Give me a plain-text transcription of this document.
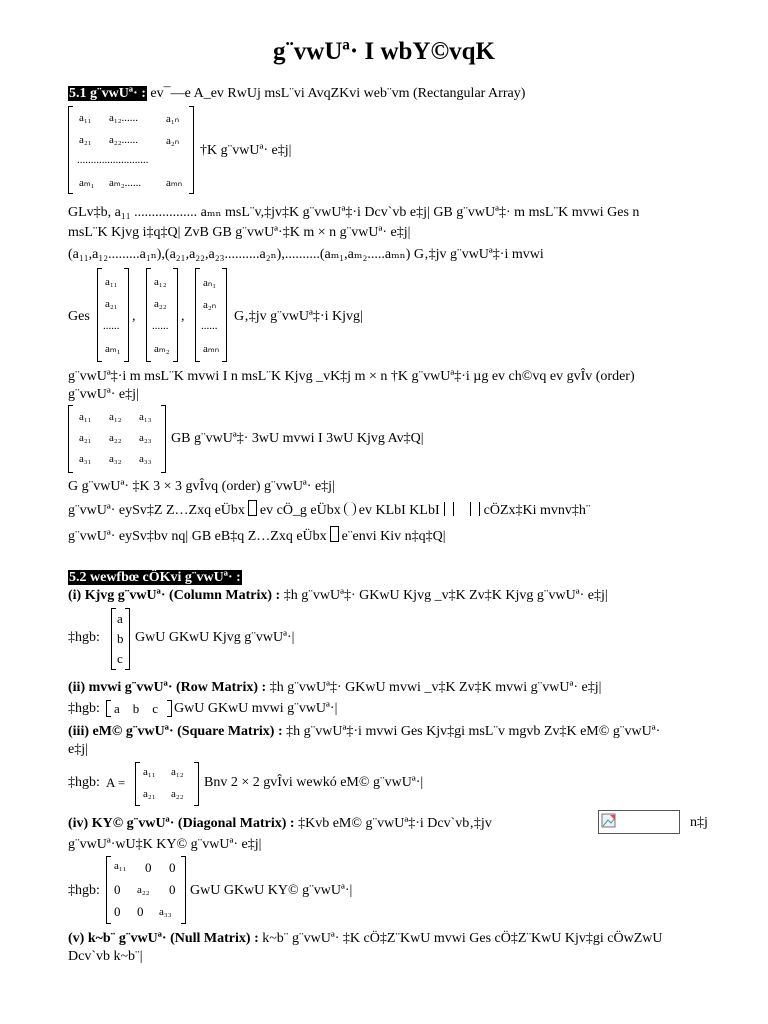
g¨vwUª· I wbY©vqK
5.1 g¨vwUª· : ev¯—e A_ev RwUj msL¨vi AvqZKvi web¨vm (Rectangular Array)
a₁₁ a₁₂......	a₁ₙ
a₂₁ a₂₂......	a₂ₙ
..........................
aₘ₁ aₘ₂...... aₘₙ
†K g¨vwUª· e‡j|
GLv‡b, a₁₁ .................. aₘₙ msL¨v,‡jv‡K g¨vwUª‡·i Dcv`vb e‡j| GB g¨vwUª‡· m msL¨K mvwi Ges n
msL¨K Kjvg i‡q‡Q| ZvB GB g¨vwUª·‡K m × n g¨vwUª· e‡j|
(a₁₁,a₁₂.........a₁ₙ),(a₂₁,a₂₂,a₂₃..........a₂ₙ),..........(aₘ₁,aₘ₂.....aₘₙ) G‚‡jv g¨vwUª‡·i mvwi
Ges
a₁₁
a₂₁
......
aₘ₁
,
a₁₂
a₂₂
......
aₘ₂
,
aₙ₁
a₂ₙ
......
aₘₙ
G‚‡jv g¨vwUª‡·i Kjvg|
g¨vwUª‡·i m msL¨K mvwi I n msL¨K Kjvg _vK‡j m × n †K g¨vwUª‡·i µg ev ch©vq ev gvÎv (order)
g¨vwUª· e‡j|
a₁₁ a₁₂ a₁₃
a₂₁ a₂₂ a₂₃
a₃₁ a₃₂ a₃₃
GB g¨vwUª‡· 3wU mvwi I 3wU Kjvg Av‡Q|
G g¨vwUª· ‡K 3 × 3 gvÎvq (order) g¨vwUª· e‡j|
g¨vwUª· eySv‡Z Z…Zxq eÜbx ev cÖ_g eÜbx ev KLbI KLbI	cÖZx‡Ki mvnv‡h¨
g¨vwUª· eySv‡bv nq| GB eB‡q Z…Zxq eÜbx e¨envi Kiv n‡q‡Q|
5.2 wewfbœ cÖKvi g¨vwUª· :
(i) Kjvg g¨vwUª· (Column Matrix) : ‡h g¨vwUª‡· GKwU Kjvg _v‡K Zv‡K Kjvg g¨vwUª· e‡j|
‡hgb:
a
b
c
GwU GKwU Kjvg g¨vwUª·|
(ii) mvwi g¨vwUª· (Row Matrix) : ‡h g¨vwUª‡· GKwU mvwi _v‡K Zv‡K mvwi g¨vwUª· e‡j|
‡hgb: a    b    c GwU GKwU mvwi g¨vwUª·|
(iii) eM© g¨vwUª· (Square Matrix) : ‡h g¨vwUª‡·i mvwi Ges Kjv‡gi msL¨v mgvb Zv‡K eM© g¨vwUª·
e‡j|
‡hgb: A =
a₁₁ a₁₂
a₂₁ a₂₂
Bnv 2 × 2 gvÎvi wewkó eM© g¨vwUª·|
(iv) KY© g¨vwUª· (Diagonal Matrix) : ‡Kvb eM© g¨vwUª‡·i Dcv`vb‚‡jv	n‡j
g¨vwUª·wU‡K KY© g¨vwUª· e‡j|
‡hgb:
a₁₁ 0 0
0 a₂₂ 0
0 0 a₃₃
GwU GKwU KY© g¨vwUª·|
(v) k~b¨ g¨vwUª· (Null Matrix) : k~b¨ g¨vwUª· ‡K cÖ‡Z¨KwU mvwi Ges cÖ‡Z¨KwU Kjv‡gi cÖwZwU
Dcv`vb k~b¨|
